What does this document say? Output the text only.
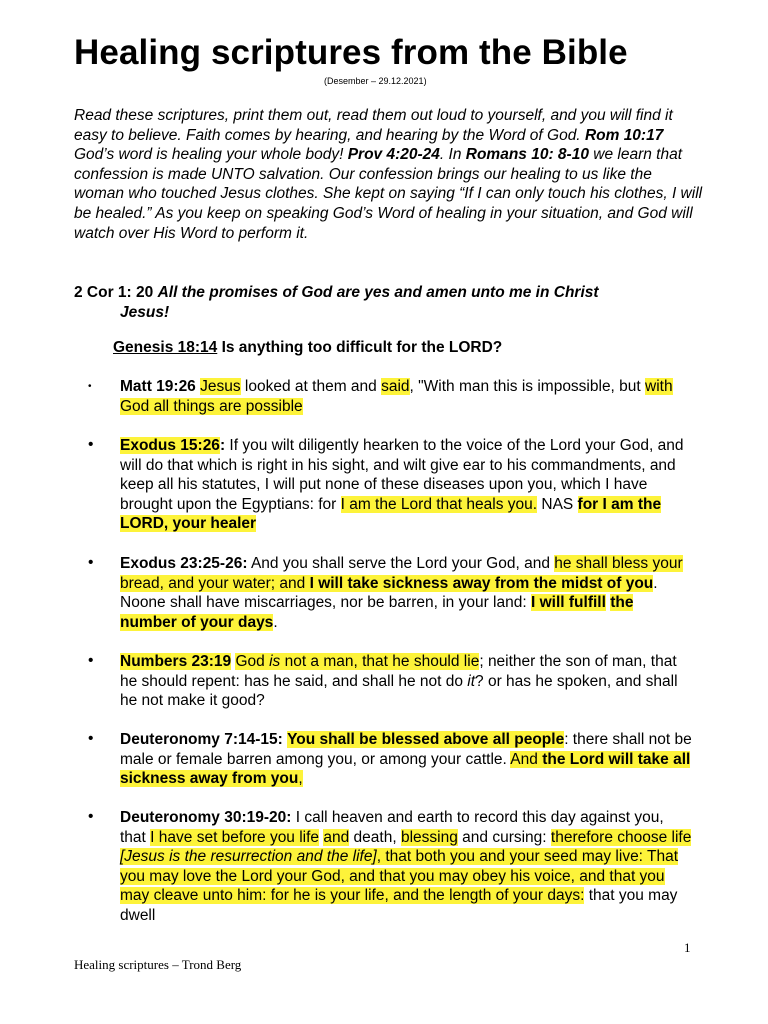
Healing scriptures from the Bible
(Desember – 29.12.2021)

Read these scriptures, print them out, read them out loud to yourself, and you will find it easy to believe. Faith comes by hearing, and hearing by the Word of God. Rom 10:17 God’s word is healing your whole body! Prov 4:20-24. In Romans 10: 8-10 we learn that confession is made UNTO salvation. Our confession brings our healing to us like the woman who touched Jesus clothes. She kept on saying “If I can only touch his clothes, I will be healed.” As you keep on speaking God’s Word of healing in your situation, and God will watch over His Word to perform it.

2 Cor 1: 20 All the promises of God are yes and amen unto me in Christ
Jesus!
Genesis 18:14 Is anything too difficult for the LORD?
• Matt 19:26 Jesus looked at them and said, "With man this is impossible, but with God all things are possible

• Exodus 15:26: If you wilt diligently hearken to the voice of the Lord your God, and will do that which is right in his sight, and wilt give ear to his commandments, and keep all his statutes, I will put none of these diseases upon you, which I have brought upon the Egyptians: for I am the Lord that heals you. NAS for I am the LORD, your healer

• Exodus 23:25-26: And you shall serve the Lord your God, and he shall bless your bread, and your water; and I will take sickness away from the midst of you. Noone shall have miscarriages, nor be barren, in your land: I will fulfill the number of your days.

• Numbers 23:19 God is not a man, that he should lie; neither the son of man, that he should repent: has he said, and shall he not do it? or has he spoken, and shall he not make it good?

• Deuteronomy 7:14-15: You shall be blessed above all people: there shall not be male or female barren among you, or among your cattle. And the Lord will take all sickness away from you,

• Deuteronomy 30:19-20: I call heaven and earth to record this day against you, that I have set before you life and death, blessing and cursing: therefore choose life [Jesus is the resurrection and the life], that both you and your seed may live: That you may love the Lord your God, and that you may obey his voice, and that you may cleave unto him: for he is your life, and the length of your days: that you may dwell

1
Healing scriptures – Trond Berg
